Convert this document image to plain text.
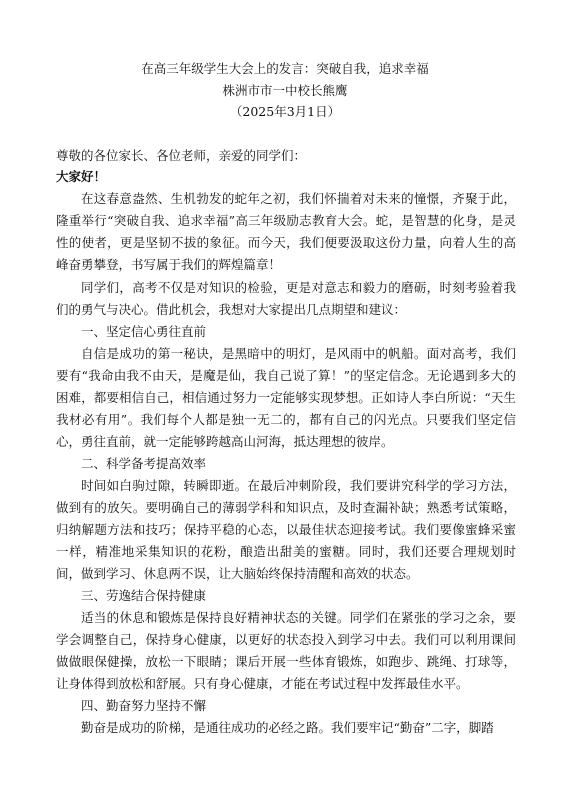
在高三年级学生大会上的发言：突破自我，追求幸福
株洲市市一中校长熊鹰
（2025年3月1日）

尊敬的各位家长、各位老师，亲爱的同学们：

大家好！

在这春意盎然、生机勃发的蛇年之初，我们怀揣着对未来的憧憬，齐聚于此，隆重举行“突破自我、追求幸福”高三年级励志教育大会。蛇，是智慧的化身，是灵性的使者，更是坚韧不拔的象征。而今天，我们便要汲取这份力量，向着人生的高峰奋勇攀登，书写属于我们的辉煌篇章！

同学们，高考不仅是对知识的检验，更是对意志和毅力的磨砺，时刻考验着我们的勇气与决心。借此机会，我想对大家提出几点期望和建议：

一、坚定信心勇往直前

自信是成功的第一秘诀，是黑暗中的明灯，是风雨中的帆船。面对高考，我们要有“我命由我不由天，是魔是仙，我自己说了算！”的坚定信念。无论遇到多大的困难，都要相信自己，相信通过努力一定能够实现梦想。正如诗人李白所说：“天生我材必有用”。我们每个人都是独一无二的，都有自己的闪光点。只要我们坚定信心，勇往直前，就一定能够跨越高山河海，抵达理想的彼岸。

二、科学备考提高效率

时间如白驹过隙，转瞬即逝。在最后冲刺阶段，我们要讲究科学的学习方法，做到有的放矢。要明确自己的薄弱学科和知识点，及时查漏补缺；熟悉考试策略，归纳解题方法和技巧；保持平稳的心态，以最佳状态迎接考试。我们要像蜜蜂采蜜一样，精准地采集知识的花粉，酿造出甜美的蜜糖。同时，我们还要合理规划时间，做到学习、休息两不误，让大脑始终保持清醒和高效的状态。

三、劳逸结合保持健康

适当的休息和锻炼是保持良好精神状态的关键。同学们在紧张的学习之余，要学会调整自己，保持身心健康，以更好的状态投入到学习中去。我们可以利用课间做做眼保健操，放松一下眼睛；课后开展一些体育锻炼，如跑步、跳绳、打球等，让身体得到放松和舒展。只有身心健康，才能在考试过程中发挥最佳水平。

四、勤奋努力坚持不懈

勤奋是成功的阶梯，是通往成功的必经之路。我们要牢记“勤奋”二字，脚踏
